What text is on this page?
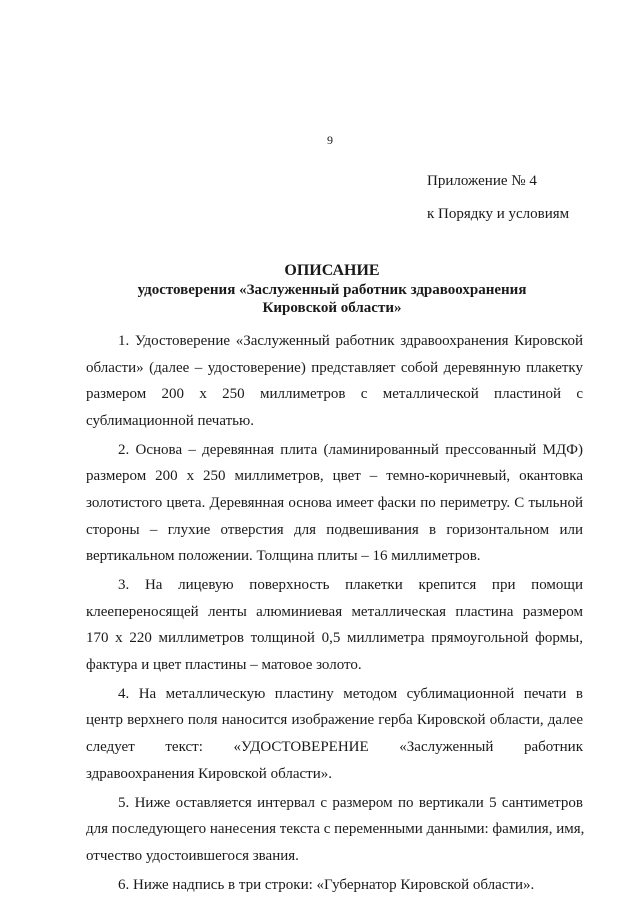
9
Приложение № 4
к Порядку и условиям
ОПИСАНИЕ
удостоверения «Заслуженный работник здравоохранения
Кировской области»
1. Удостоверение «Заслуженный работник здравоохранения Кировской
области» (далее – удостоверение) представляет собой деревянную плакетку
размером 200 х 250 миллиметров с металлической пластиной с
сублимационной печатью.
2. Основа – деревянная плита (ламинированный прессованный МДФ)
размером 200 х 250 миллиметров, цвет – темно-коричневый, окантовка
золотистого цвета. Деревянная основа имеет фаски по периметру. С тыльной
стороны – глухие отверстия для подвешивания в горизонтальном или
вертикальном положении. Толщина плиты – 16 миллиметров.
3. На лицевую поверхность плакетки крепится при помощи
клеепереносящей ленты алюминиевая металлическая пластина размером
170 х 220 миллиметров толщиной 0,5 миллиметра прямоугольной формы,
фактура и цвет пластины – матовое золото.
4. На металлическую пластину методом сублимационной печати в
центр верхнего поля наносится изображение герба Кировской области, далее
следует текст: «УДОСТОВЕРЕНИЕ «Заслуженный работник
здравоохранения Кировской области».
5. Ниже оставляется интервал с размером по вертикали 5 сантиметров
для последующего нанесения текста с переменными данными: фамилия, имя,
отчество удостоившегося звания.
6. Ниже надпись в три строки: «Губернатор Кировской области».
